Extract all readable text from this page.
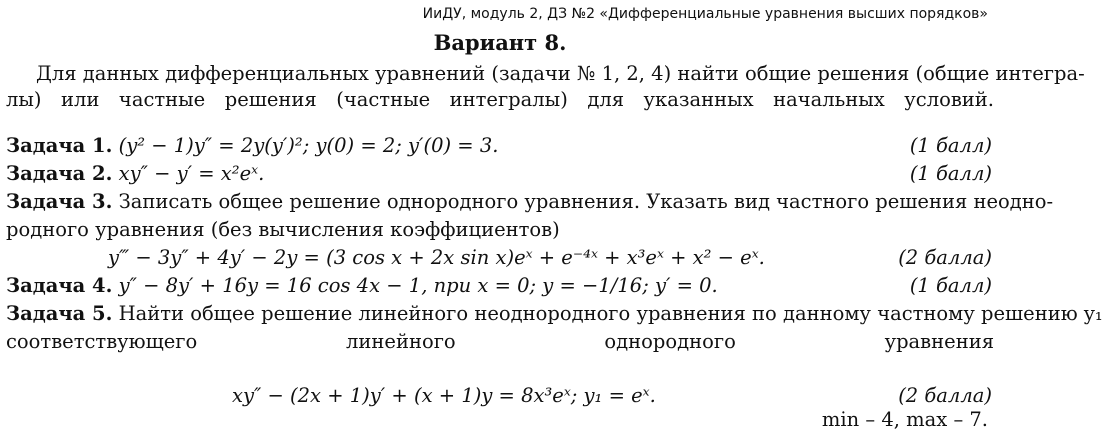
ИиДУ, модуль 2, ДЗ №2 «Дифференциальные уравнения высших порядков»
Вариант 8.
Для данных дифференциальных уравнений (задачи № 1, 2, 4) найти общие решения (общие интегра-
лы) или частные решения (частные интегралы) для указанных начальных условий.
Задача 1. (y² − 1)y″ = 2y(y′)²; y(0) = 2; y′(0) = 3.	(1 балл)
Задача 2. xy″ − y′ = x²eˣ.	(1 балл)
Задача 3. Записать общее решение однородного уравнения. Указать вид частного решения неодно-
родного уравнения (без вычисления коэффициентов)
y‴ − 3y″ + 4y′ − 2y = (3 cos x + 2x sin x)eˣ + e⁻⁴ˣ + x³eˣ + x² − eˣ.	(2 балла)
Задача 4. y″ − 8y′ + 16y = 16 cos 4x − 1, при x = 0; y = −1/16; y′ = 0.	(1 балл)
Задача 5. Найти общее решение линейного неоднородного уравнения по данному частному решению y₁
соответствующего линейного однородного уравнения
xy″ − (2x + 1)y′ + (x + 1)y = 8x³eˣ; y₁ = eˣ.	(2 балла)
min – 4, max – 7.
